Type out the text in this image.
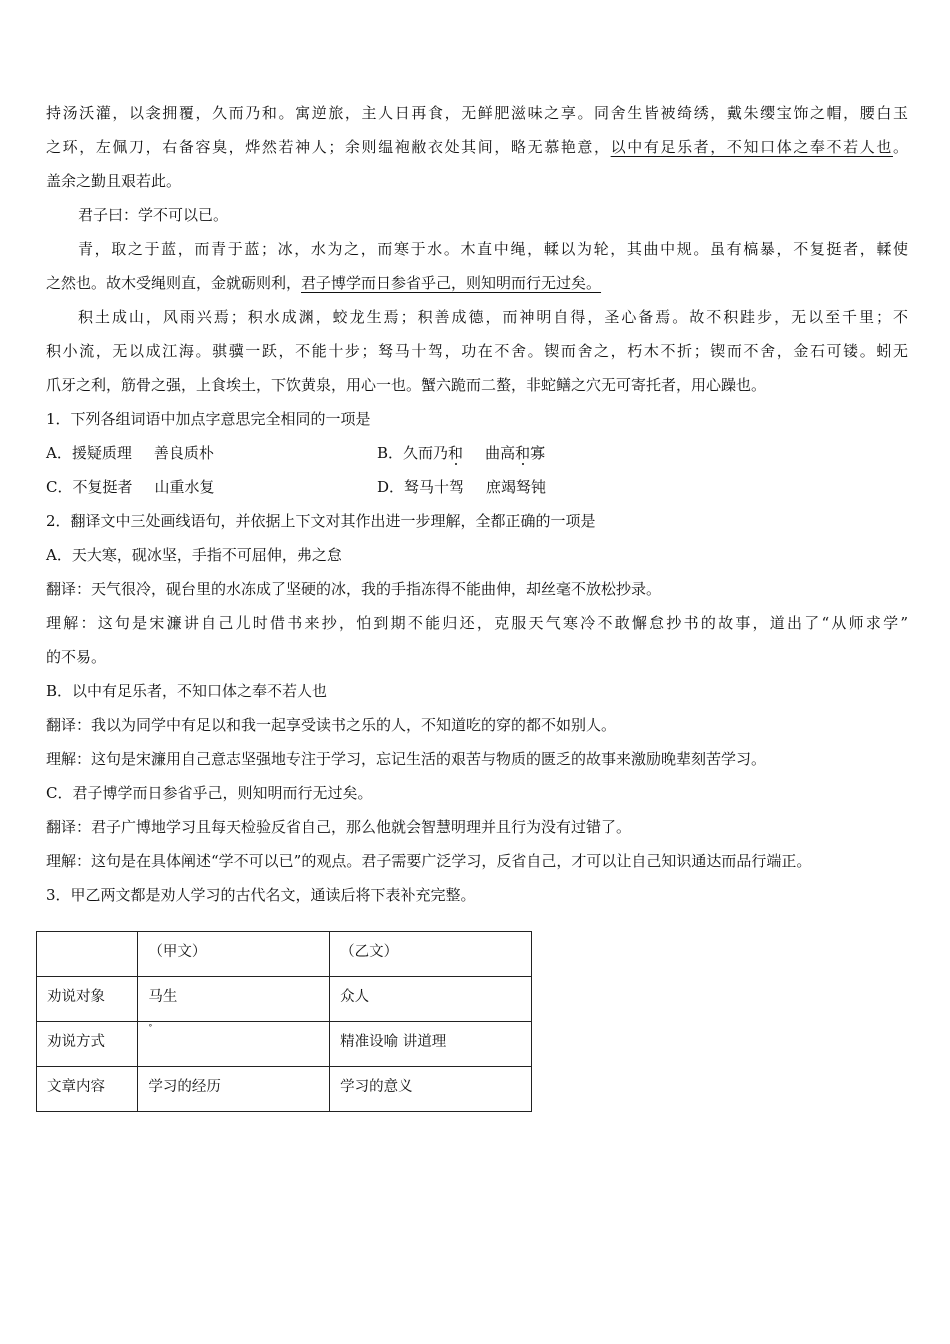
持汤沃灌，以衾拥覆，久而乃和。寓逆旅，主人日再食，无鲜肥滋味之享。同舍生皆被绮绣，戴朱缨宝饰之帽，腰白玉
之环，左佩刀，右备容臭，烨然若神人；余则缊袍敝衣处其间，略无慕艳意，以中有足乐者，不知口体之奉不若人也。
盖余之勤且艰若此。
君子曰：学不可以已。
青，取之于蓝，而青于蓝；冰，水为之，而寒于水。木直中绳，輮以为轮，其曲中规。虽有槁暴，不复挺者，輮使
之然也。故木受绳则直，金就砺则利，君子博学而日参省乎己，则知明而行无过矣。
积土成山，风雨兴焉；积水成渊，蛟龙生焉；积善成德，而神明自得，圣心备焉。故不积跬步，无以至千里；不
积小流，无以成江海。骐骥一跃，不能十步；驽马十驾，功在不舍。锲而舍之，朽木不折；锲而不舍，金石可镂。蚓无
爪牙之利，筋骨之强，上食埃土，下饮黄泉，用心一也。蟹六跪而二螯，非蛇鳝之穴无可寄托者，用心躁也。
1．下列各组词语中加点字意思完全相同的一项是
A．援疑质理 善良质朴	B．久而乃和 曲高和寡
C．不复挺者 山重水复	D．驽马十驾 庶竭驽钝
2．翻译文中三处画线语句，并依据上下文对其作出进一步理解，全都正确的一项是
A．天大寒，砚冰坚，手指不可屈伸，弗之怠
翻译：天气很冷，砚台里的水冻成了坚硬的冰，我的手指冻得不能曲伸，却丝毫不放松抄录。
理解：这句是宋濂讲自己儿时借书来抄，怕到期不能归还，克服天气寒冷不敢懈怠抄书的故事，道出了“从师求学”
的不易。
B．以中有足乐者，不知口体之奉不若人也
翻译：我以为同学中有足以和我一起享受读书之乐的人，不知道吃的穿的都不如别人。
理解：这句是宋濂用自己意志坚强地专注于学习，忘记生活的艰苦与物质的匮乏的故事来激励晚辈刻苦学习。
C．君子博学而日参省乎己，则知明而行无过矣。
翻译：君子广博地学习且每天检验反省自己，那么他就会智慧明理并且行为没有过错了。
理解：这句是在具体阐述“学不可以已”的观点。君子需要广泛学习，反省自己，才可以让自己知识通达而品行端正。
3．甲乙两文都是劝人学习的古代名文，通读后将下表补充完整。
	（甲文）	（乙文）
劝说对象	马生	众人
劝说方式	°	精准设喻 讲道理
文章内容	学习的经历	学习的意义
